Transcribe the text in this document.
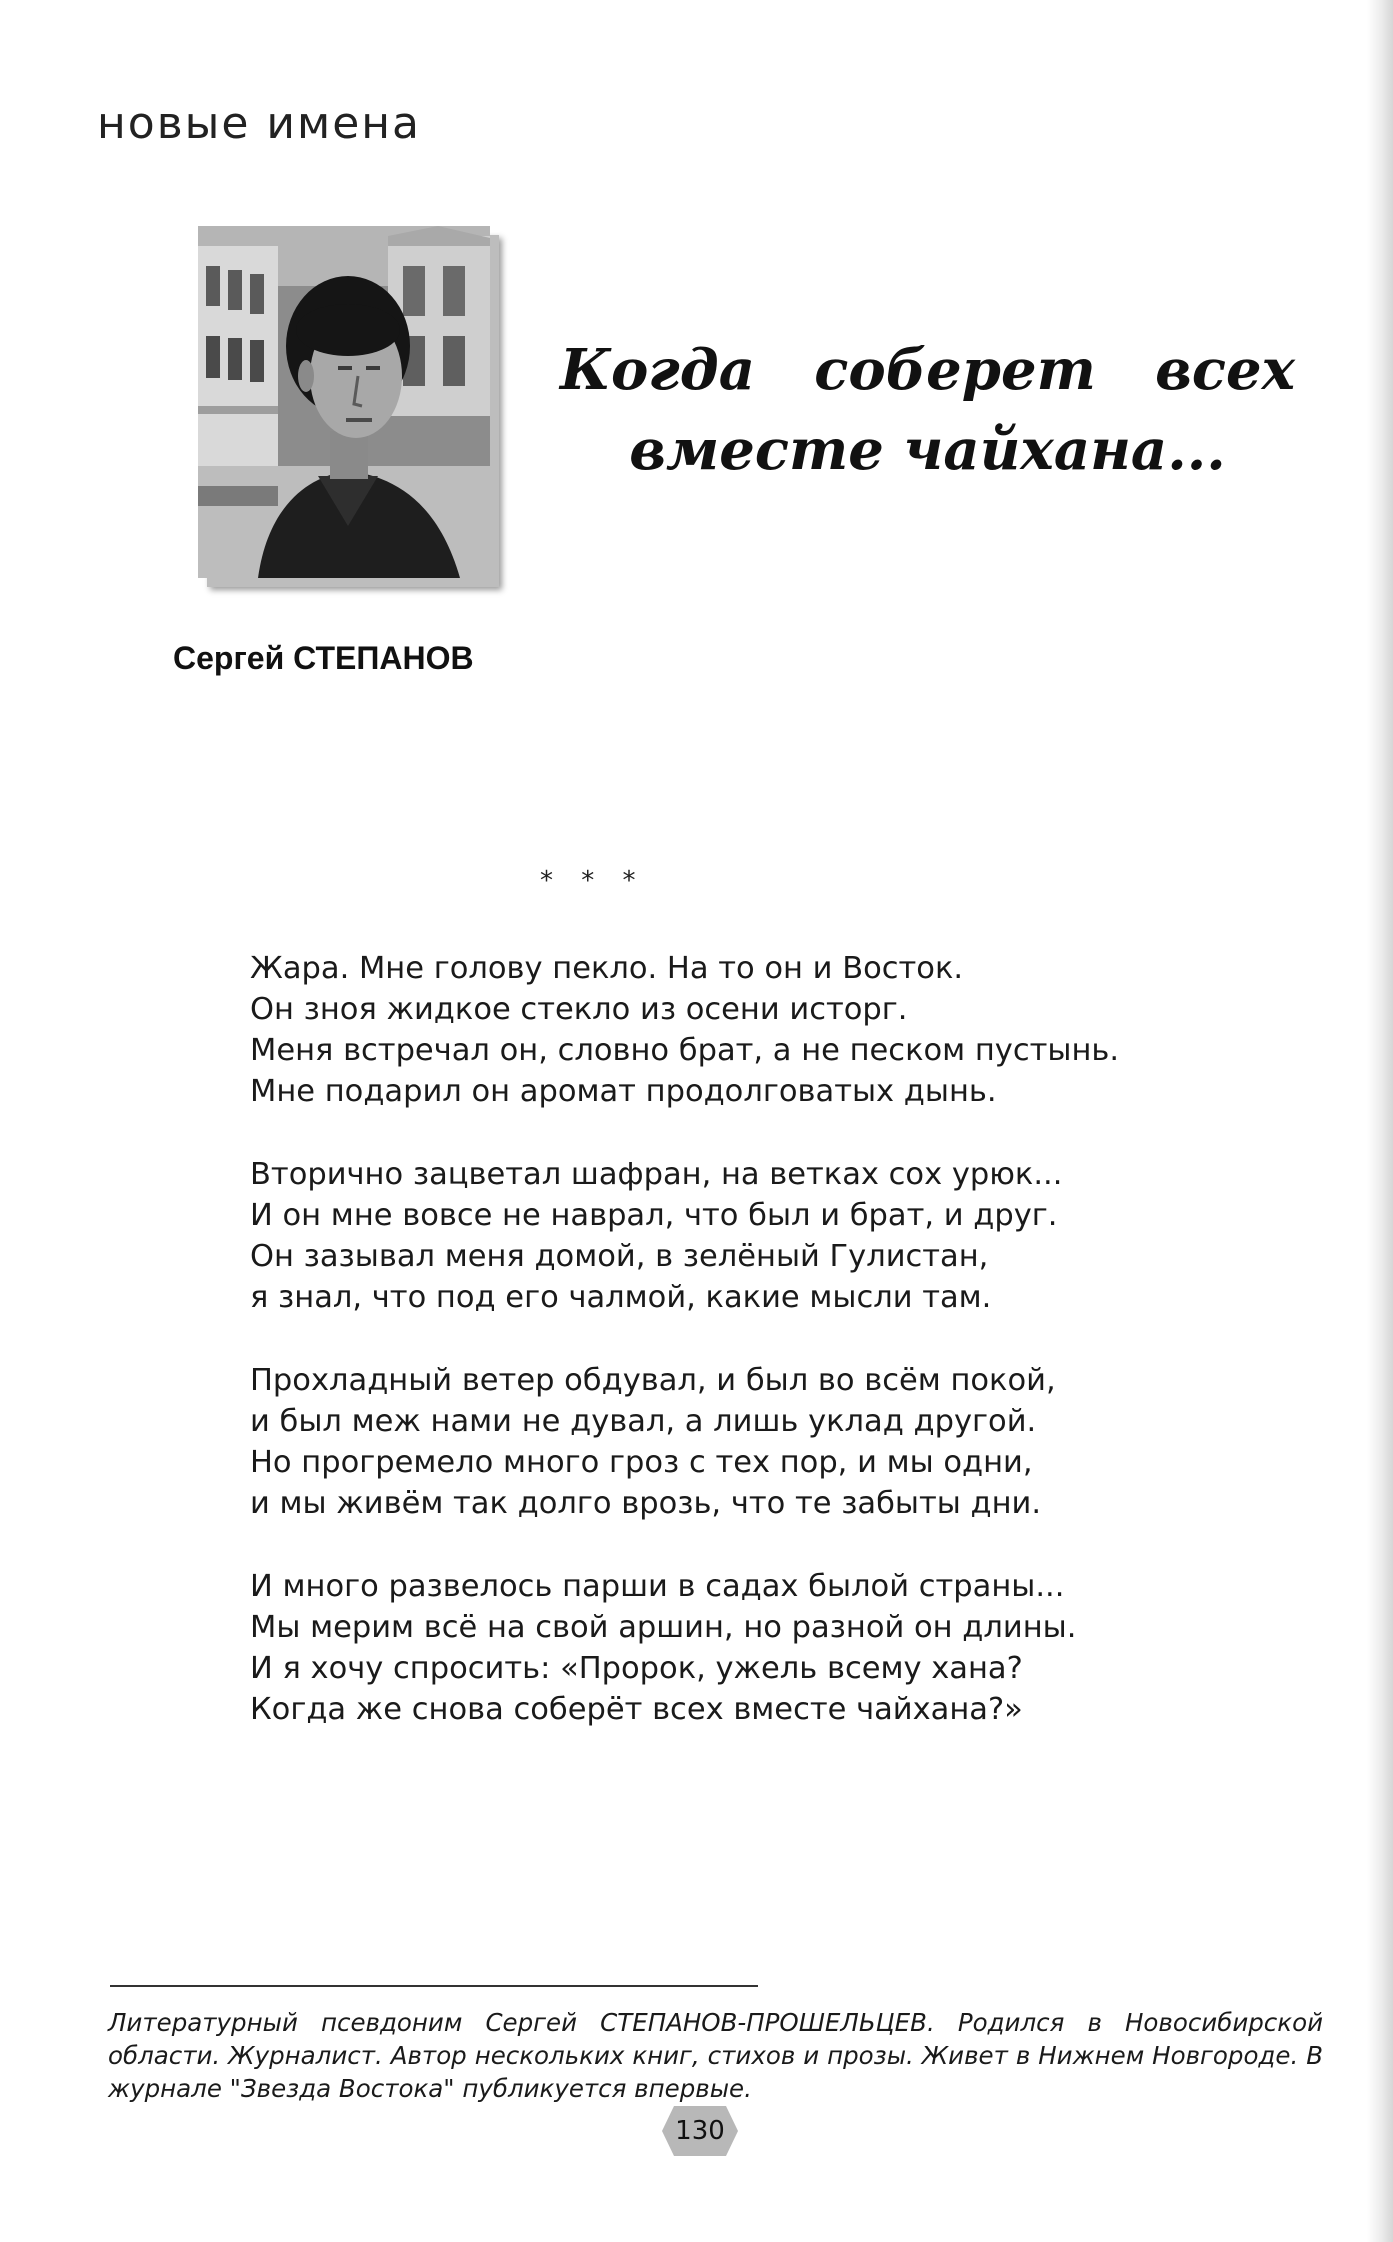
новые имена
Сергей СТЕПАНОВ
Когда соберет всех
вместе чайхана...
* * *
Жара. Мне голову пекло. На то он и Восток.
Он зноя жидкое стекло из осени исторг.
Меня встречал он, словно брат, а не песком пустынь.
Мне подарил он аромат продолговатых дынь.
Вторично зацветал шафран, на ветках сох урюк...
И он мне вовсе не наврал, что был и брат, и друг.
Он зазывал меня домой, в зелёный Гулистан,
я знал, что под его чалмой, какие мысли там.
Прохладный ветер обдувал, и был во всём покой,
и был меж нами не дувал, а лишь уклад другой.
Но прогремело много гроз с тех пор, и мы одни,
и мы живём так долго врозь, что те забыты дни.
И много развелось парши в садах былой страны...
Мы мерим всё на свой аршин, но разной он длины.
И я хочу спросить: «Пророк, ужель всему хана?
Когда же снова соберёт всех вместе чайхана?»

Литературный псевдоним Сергей СТЕПАНОВ-ПРОШЕЛЬЦЕВ. Родился в Новосибирской области. Журналист. Автор нескольких книг, стихов и прозы. Живет в Нижнем Новгороде. В журнале "Звезда Востока" публикуется впервые.

130
